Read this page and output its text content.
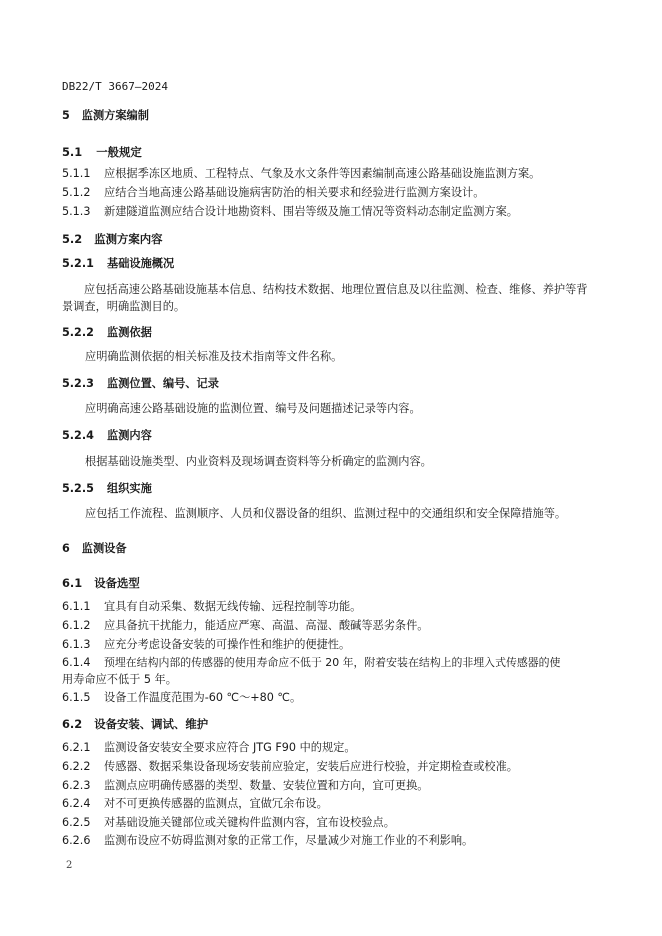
DB22/T 3667—2024
5 监测方案编制
5.1 一般规定
5.1.1 应根据季冻区地质、工程特点、气象及水文条件等因素编制高速公路基础设施监测方案。
5.1.2 应结合当地高速公路基础设施病害防治的相关要求和经验进行监测方案设计。
5.1.3 新建隧道监测应结合设计地勘资料、围岩等级及施工情况等资料动态制定监测方案。
5.2 监测方案内容
5.2.1 基础设施概况
应包括高速公路基础设施基本信息、结构技术数据、地理位置信息及以往监测、检查、维修、养护等背景调查，明确监测目的。
5.2.2 监测依据
应明确监测依据的相关标准及技术指南等文件名称。
5.2.3 监测位置、编号、记录
应明确高速公路基础设施的监测位置、编号及问题描述记录等内容。
5.2.4 监测内容
根据基础设施类型、内业资料及现场调查资料等分析确定的监测内容。
5.2.5 组织实施
应包括工作流程、监测顺序、人员和仪器设备的组织、监测过程中的交通组织和安全保障措施等。
6 监测设备
6.1 设备选型
6.1.1 宜具有自动采集、数据无线传输、远程控制等功能。
6.1.2 应具备抗干扰能力，能适应严寒、高温、高湿、酸碱等恶劣条件。
6.1.3 应充分考虑设备安装的可操作性和维护的便捷性。
6.1.4 预埋在结构内部的传感器的使用寿命应不低于 20 年，附着安装在结构上的非埋入式传感器的使
用寿命应不低于 5 年。
6.1.5 设备工作温度范围为-60 ℃～+80 ℃。
6.2 设备安装、调试、维护
6.2.1 监测设备安装安全要求应符合 JTG F90 中的规定。
6.2.2 传感器、数据采集设备现场安装前应验定，安装后应进行校验，并定期检查或校准。
6.2.3 监测点应明确传感器的类型、数量、安装位置和方向，宜可更换。
6.2.4 对不可更换传感器的监测点，宜做冗余布设。
6.2.5 对基础设施关键部位或关键构件监测内容，宜布设校验点。
6.2.6 监测布设应不妨碍监测对象的正常工作，尽量减少对施工作业的不利影响。
2
